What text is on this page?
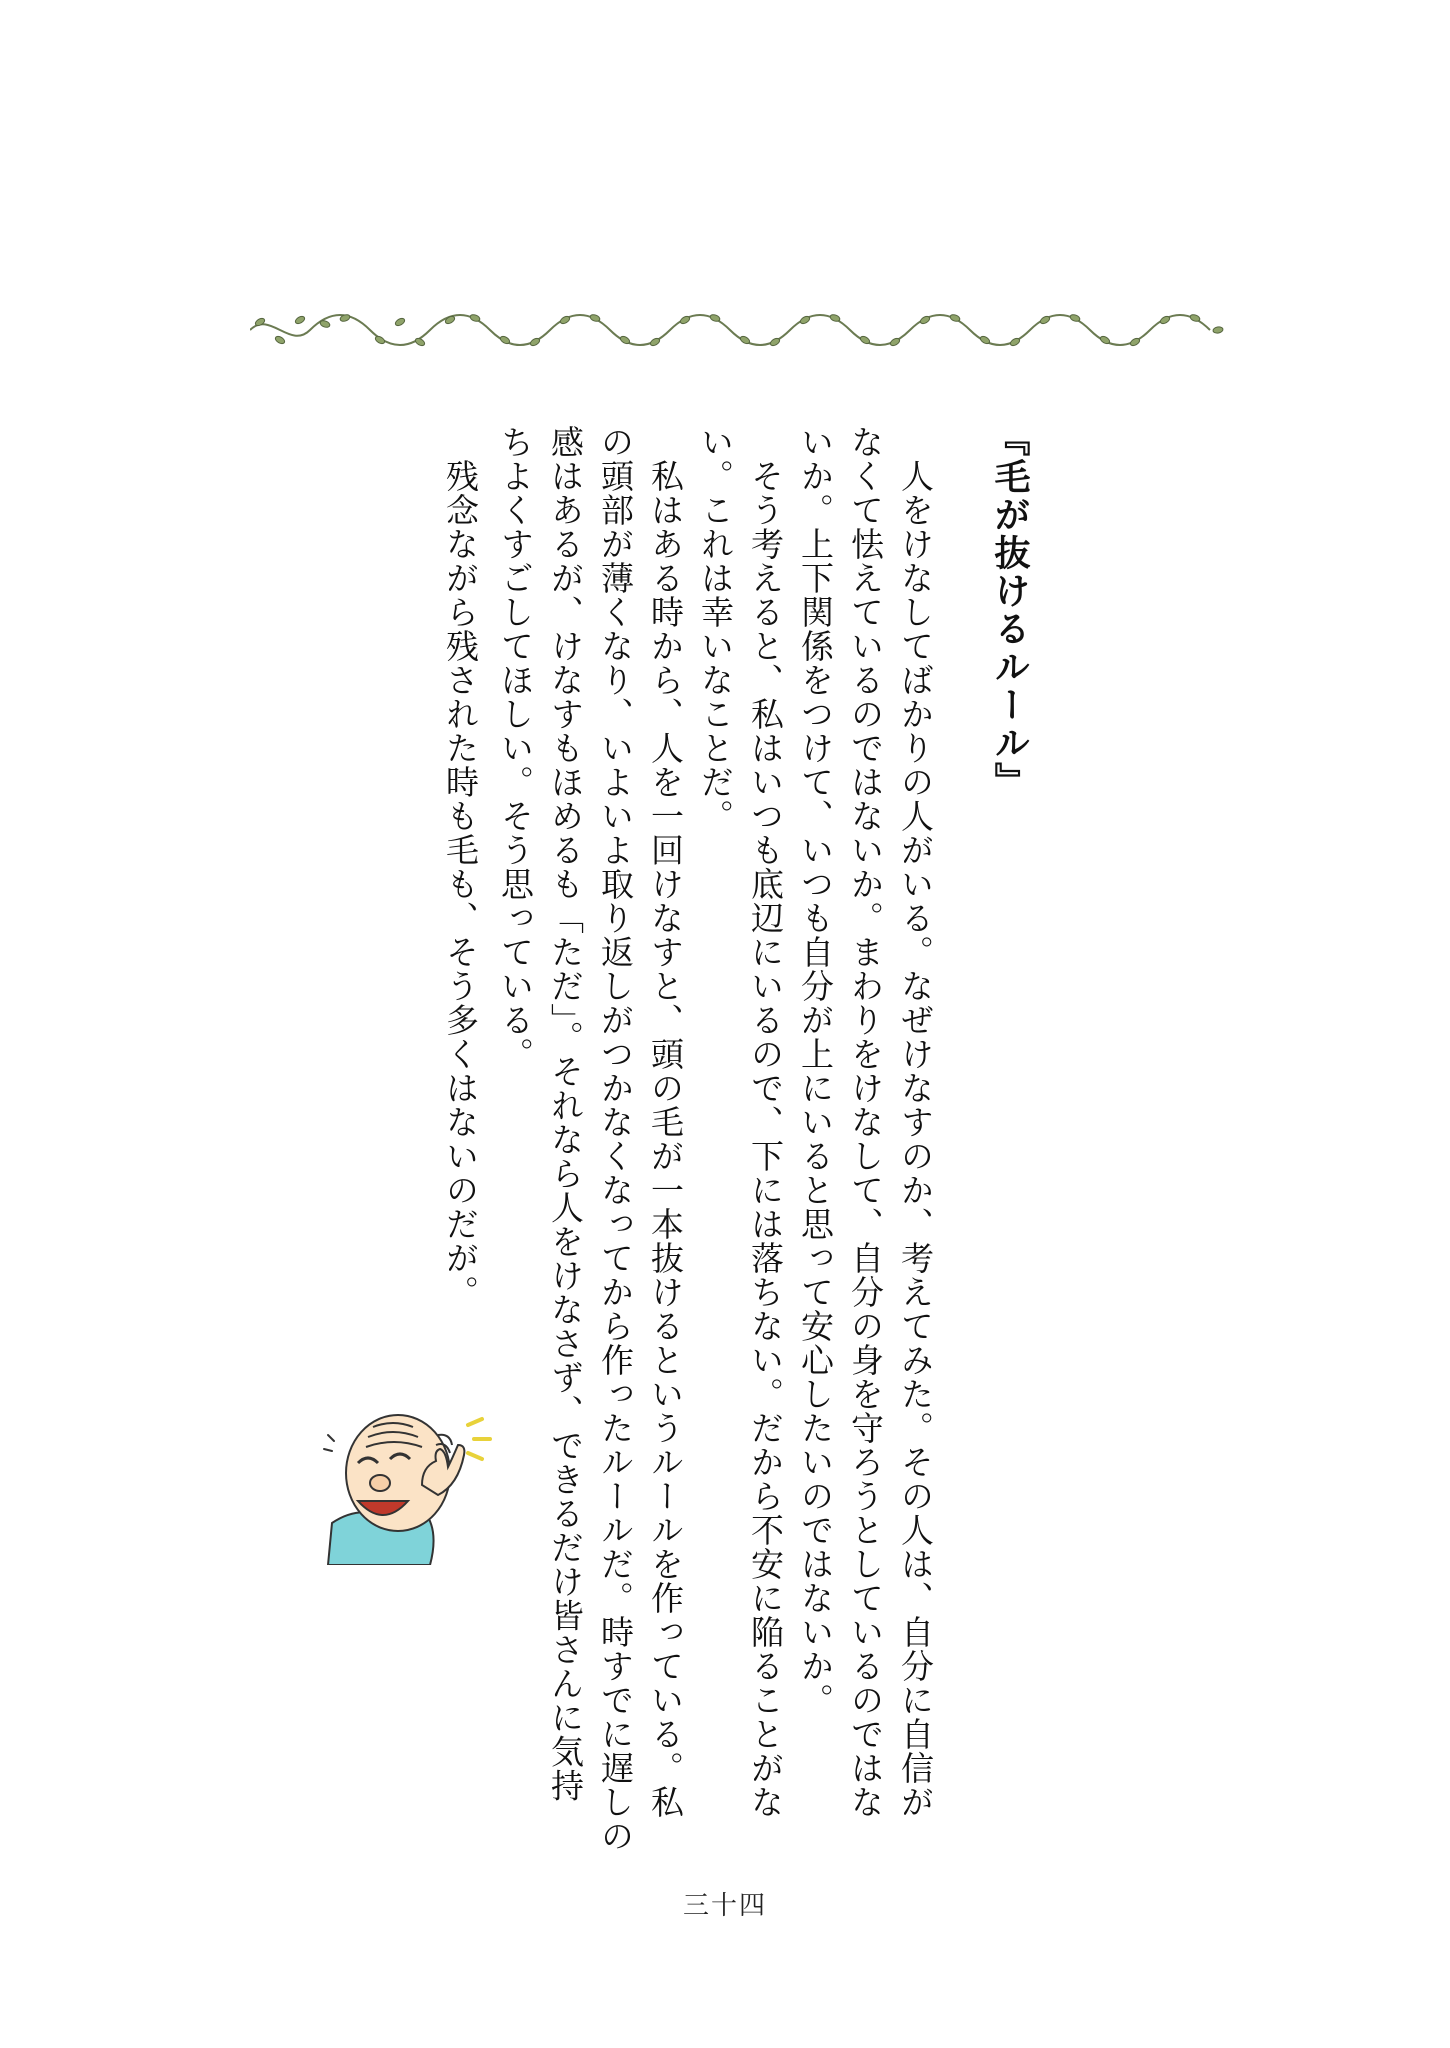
『毛が抜けるルール』
　人をけなしてばかりの人がいる。なぜけなすのか、考えてみた。その人は、自分に自信が
なくて怯えているのではないか。まわりをけなして、自分の身を守ろうとしているのではな
いか。上下関係をつけて、いつも自分が上にいると思って安心したいのではないか。
　そう考えると、私はいつも底辺にいるので、下には落ちない。だから不安に陥ることがな
い。これは幸いなことだ。
　私はある時から、人を一回けなすと、頭の毛が一本抜けるというルールを作っている。私
の頭部が薄くなり、いよいよ取り返しがつかなくなってから作ったルールだ。時すでに遅しの
感はあるが、けなすもほめるも「ただ」。それなら人をけなさず、できるだけ皆さんに気持
ちよくすごしてほしい。そう思っている。
　残念ながら残された時も毛も、そう多くはないのだが。
三十四
